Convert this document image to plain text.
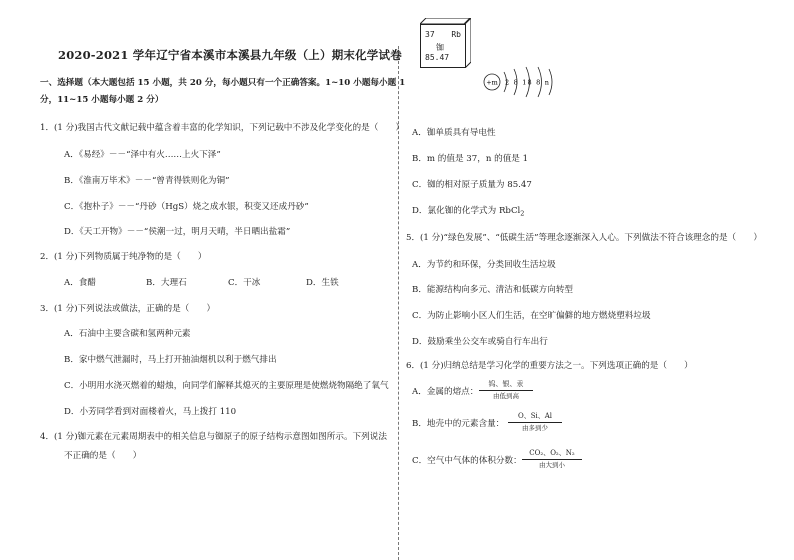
2020-2021 学年辽宁省本溪市本溪县九年级（上）期末化学试卷
一、选择题（本大题包括 15 小题，共 20 分，每小题只有一个正确答案。1~10 小题每小题 1
分，11~15 小题每小题 2 分）
1．(1 分)我国古代文献记载中蕴含着丰富的化学知识，下列记载中不涉及化学变化的是（　　）
A．《易经》－－“泽中有火……上火下泽”
B．《淮南万毕术》－－“曾青得铁则化为铜”
C．《抱朴子》－－“丹砂（HgS）烧之成水银，积变又还成丹砂”
D．《天工开物》－－“侯潮一过，明月天晴，半日晒出盐霜”
2．(1 分)下列物质属于纯净物的是（　　）
A．食醋	B．大理石	C．干冰	D．生铁
3．(1 分)下列说法或做法，正确的是（　　）
A．石油中主要含碳和氢两种元素
B．家中燃气泄漏时，马上打开抽油烟机以利于燃气排出
C．小明用水浇灭燃着的蜡烛，向同学们解释其熄灭的主要原理是使燃烧物隔绝了氧气
D．小芳同学看到对面楼着火，马上拨打 110
4．(1 分)铷元素在元素周期表中的相关信息与铷原子的原子结构示意图如图所示。下列说法
不正确的是（　　）
37 Rb
铷
85.47
+m 2 8 18 8 n
A．铷单质具有导电性
B．m 的值是 37，n 的值是 1
C．铷的相对原子质量为 85.47
D．氯化铷的化学式为 RbCl$_2$
5．(1 分)“绿色发展”、“低碳生活”等理念逐渐深入人心。下列做法不符合该理念的是（　　）
A．为节约和环保，分类回收生活垃圾
B．能源结构向多元、清洁和低碳方向转型
C．为防止影响小区人们生活，在空旷偏僻的地方燃烧塑料垃圾
D．鼓励乘坐公交车或骑自行车出行
6．(1 分)归纳总结是学习化学的重要方法之一。下列选项正确的是（　　）
A．金属的熔点：
钨、银、汞
由低到高
B．地壳中的元素含量：
O、Si、Al
由多到少
C．空气中气体的体积分数：
CO₂、O₂、N₂
由大到小
